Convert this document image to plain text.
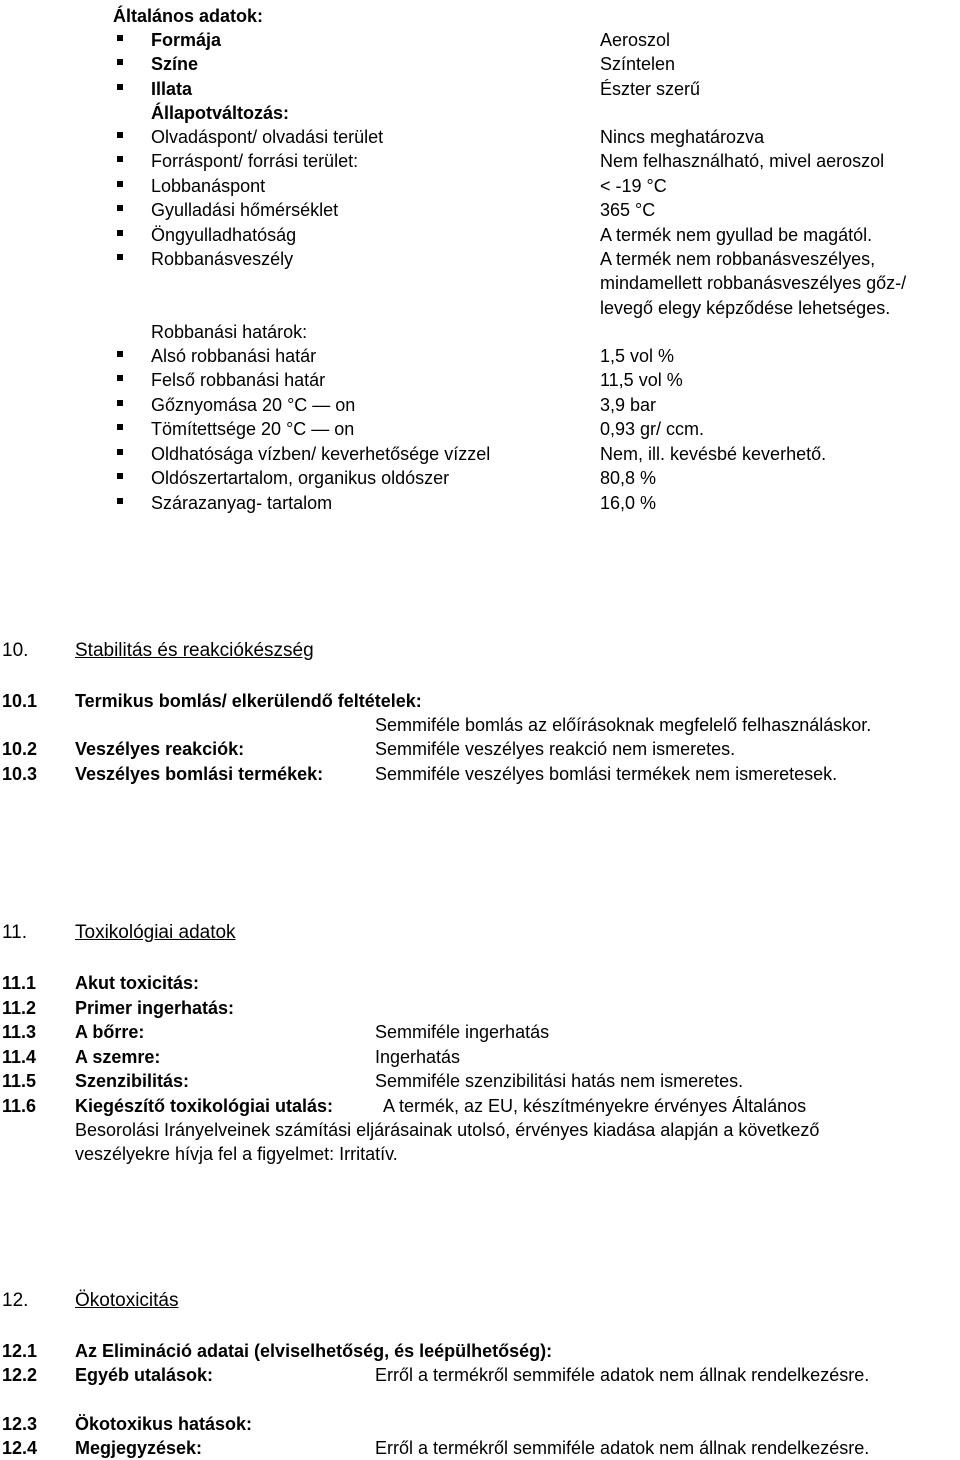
Általános adatok:
Formája	Aeroszol
Színe	Színtelen
Illata	Észter szerű
Állapotváltozás:
Olvadáspont/ olvadási terület	Nincs meghatározva
Forráspont/ forrási terület:	Nem felhasználható, mivel aeroszol
Lobbanáspont	< -19 °C
Gyulladási hőmérséklet	365 °C
Öngyulladhatóság	A termék nem gyullad be magától.
Robbanásveszély	A termék nem robbanásveszélyes,
mindamellett robbanásveszélyes gőz-/
levegő elegy képződése lehetséges.
Robbanási határok:
Alsó robbanási határ	1,5 vol %
Felső robbanási határ	11,5 vol %
Gőznyomása 20 °C — on	3,9 bar
Tömítettsége 20 °C — on	0,93 gr/ ccm.
Oldhatósága vízben/ keverhetősége vízzel	Nem, ill. kevésbé keverhető.
Oldószertartalom, organikus oldószer	80,8 %
Szárazanyag- tartalom	16,0 %
10. Stabilitás és reakciókészség
10.1 Termikus bomlás/ elkerülendő feltételek:
Semmiféle bomlás az előírásoknak megfelelő felhasználáskor.
10.2 Veszélyes reakciók:	Semmiféle veszélyes reakció nem ismeretes.
10.3 Veszélyes bomlási termékek:	Semmiféle veszélyes bomlási termékek nem ismeretesek.
11.	Toxikológiai adatok
11.1 Akut toxicitás:
11.2 Primer ingerhatás:
11.3 A bőrre:	Semmiféle ingerhatás
11.4 A szemre:	Ingerhatás
11.5 Szenzibilitás:	Semmiféle szenzibilitási hatás nem ismeretes.
11.6 Kiegészítő toxikológiai utalás:	A termék, az EU, készítményekre érvényes Általános
Besorolási Irányelveinek számítási eljárásainak utolsó, érvényes kiadása alapján a következő
veszélyekre hívja fel a figyelmet: Irritatív.
12. Ökotoxicitás
12.1 Az Elimináció adatai (elviselhetőség, és leépülhetőség):
12.2 Egyéb utalások:	Erről a termékről semmiféle adatok nem állnak rendelkezésre.
12.3 Ökotoxikus hatások:
12.4 Megjegyzések:	Erről a termékről semmiféle adatok nem állnak rendelkezésre.
